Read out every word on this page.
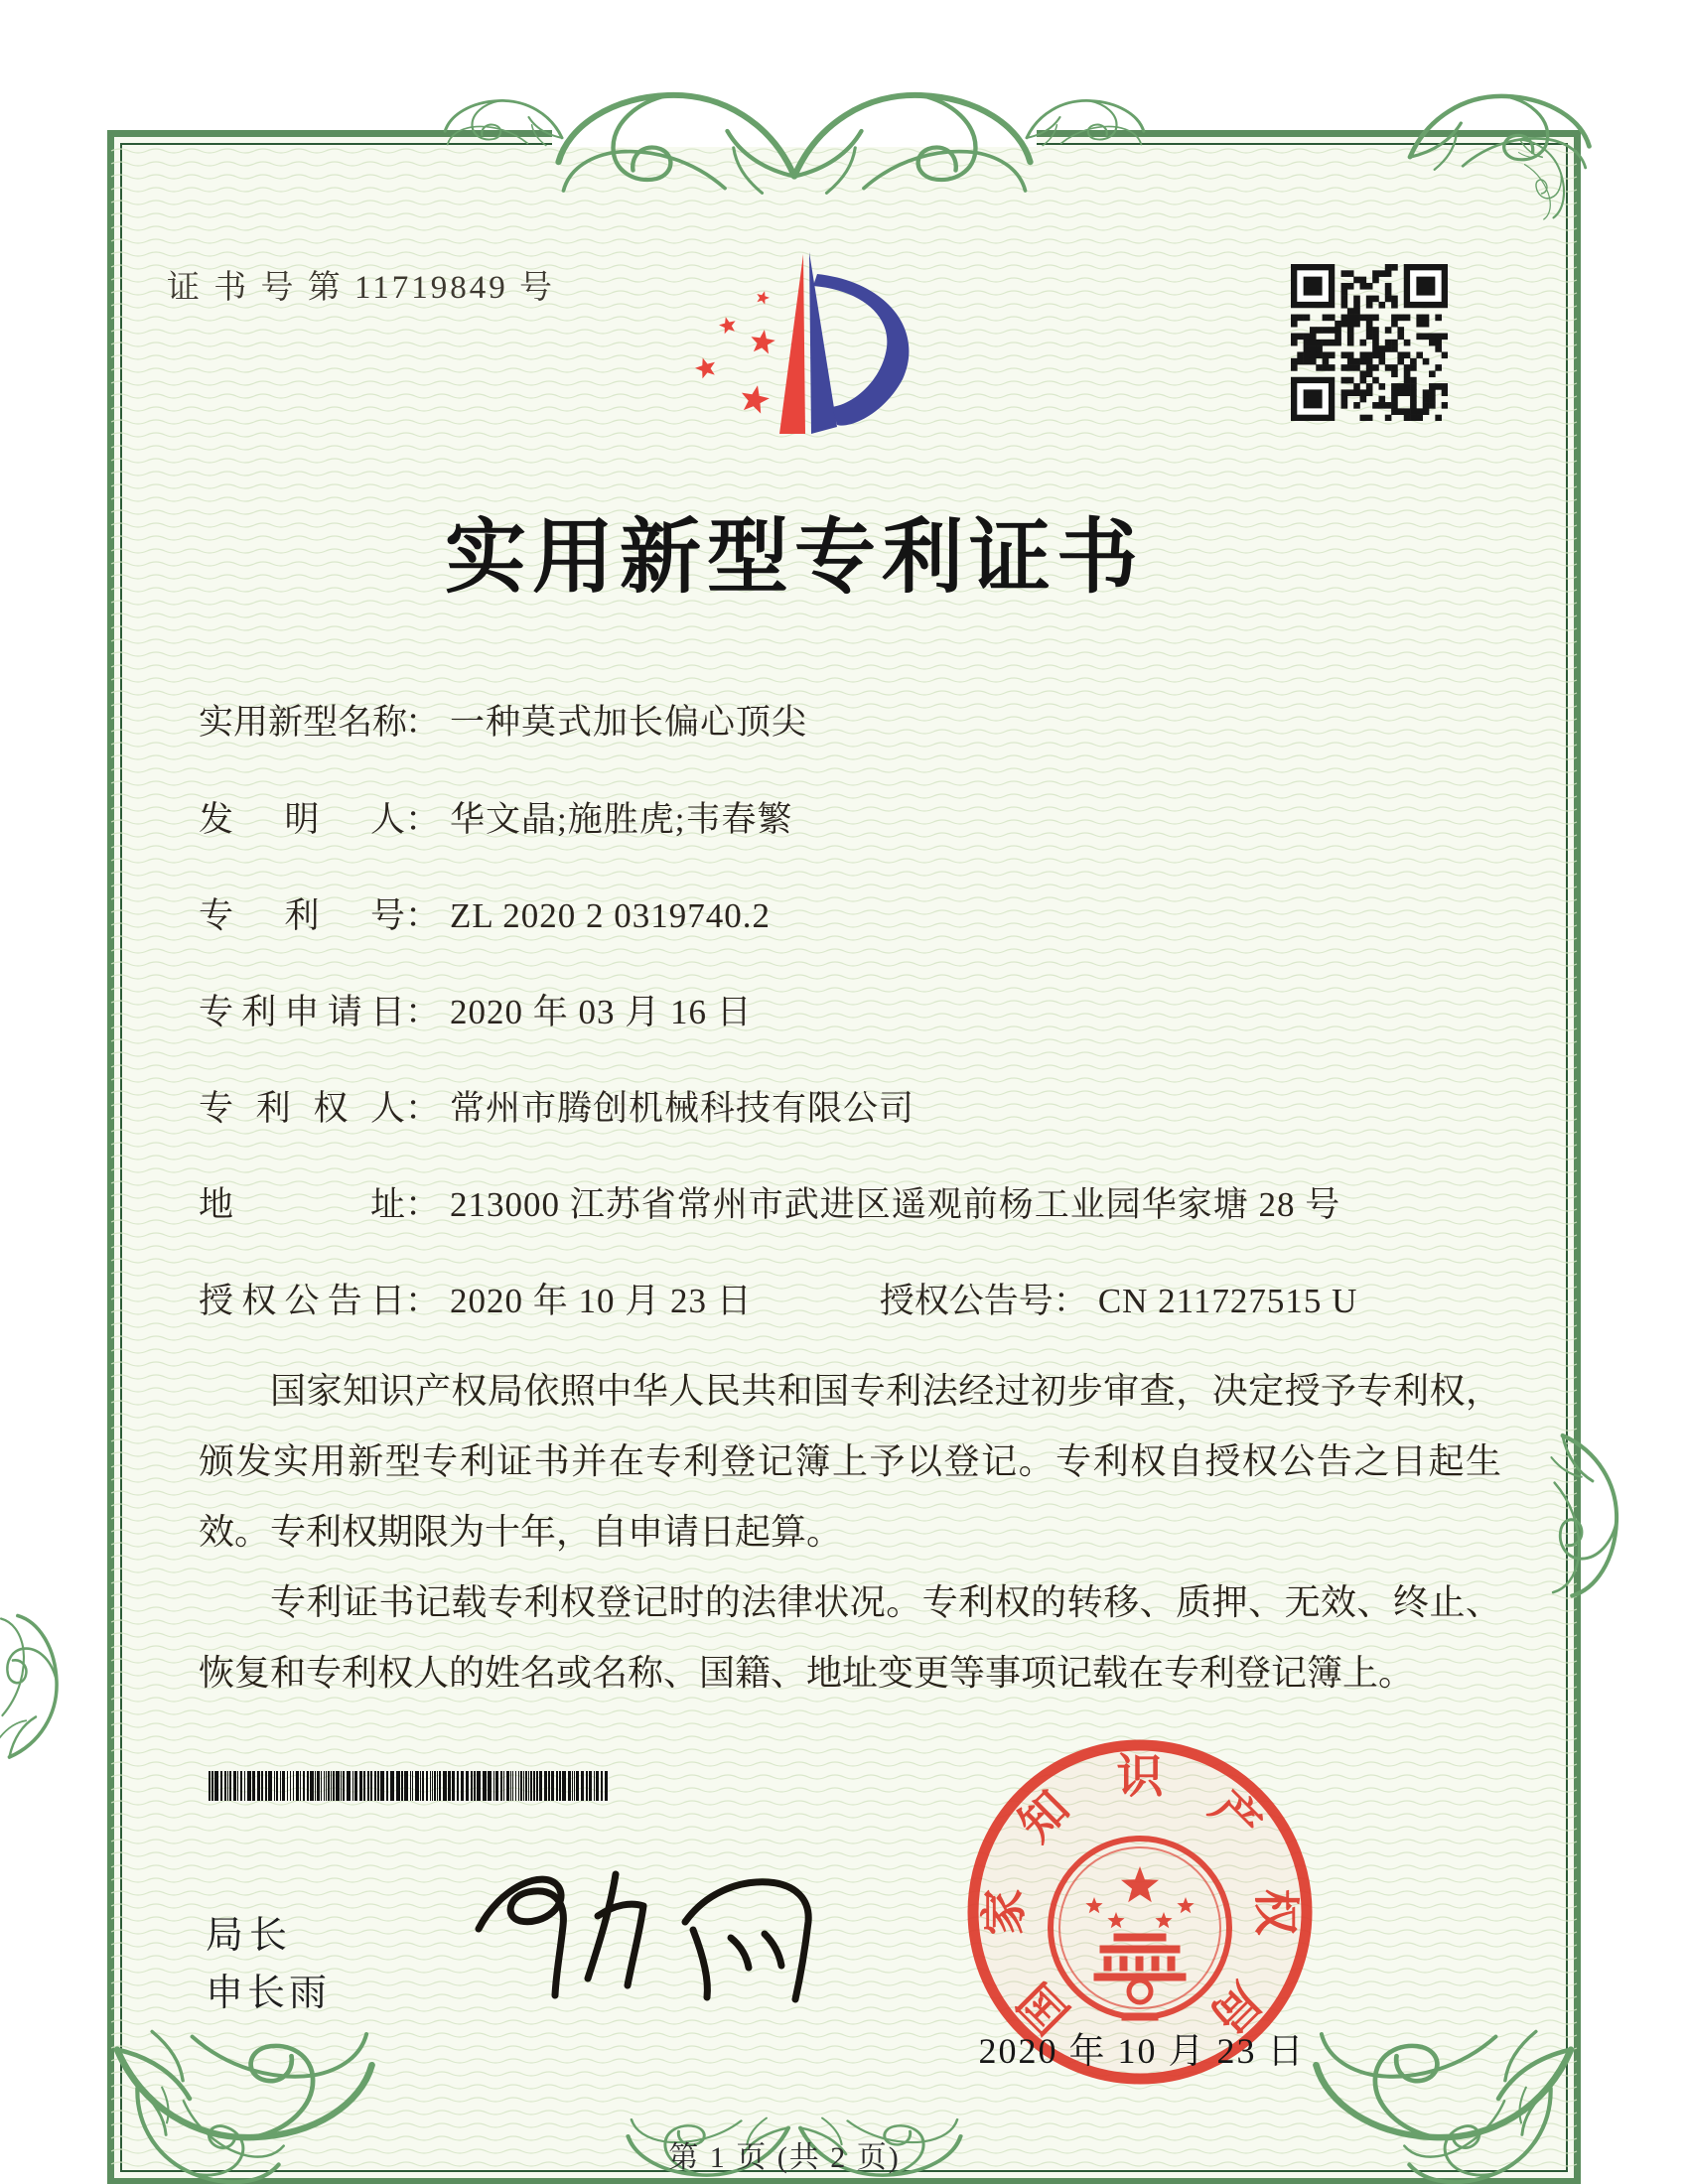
证 书 号 第 11719849 号
实用新型专利证书
实 用 新 型 名 称
： 一种莫式加长偏心顶尖
发 明 人 ： 华文晶;施胜虎;韦春繁
专 利 号 ： ZL 2020 2 0319740.2
专 利 申 请 日 ： 2020 年 03 月 16 日
专 利 权 人 ： 常州市腾创机械科技有限公司
地	址 ： 213000 江苏省常州市武进区遥观前杨工业园华家塘 28 号
授 权 公 告 日 ： 2020 年 10 月 23 日	授权公告号： CN 211727515 U

国家知识产权局依照中华人民共和国专利法经过初步审查，决定授予专利权，颁发实用新型专利证书并在专利登记簿上予以登记。专利权自授权公告之日起生效。专利权期限为十年，自申请日起算。

专利证书记载专利权登记时的法律状况。专利权的转移、质押、无效、终止、恢复和专利权人的姓名或名称、国籍、地址变更等事项记载在专利登记簿上。

局长
申长雨	国
家
知
识
产
权
局
2020 年 10 月 23 日
第 1 页 (共 2 页)
